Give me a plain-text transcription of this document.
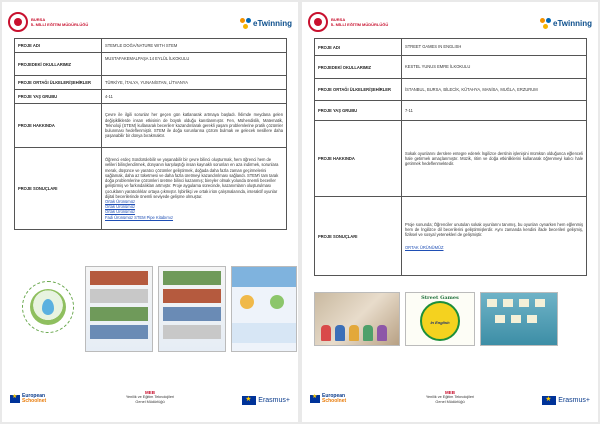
BURSA
İL MİLLİ EĞİTİM MÜDÜRLÜĞÜ	eTwinning
PROJE ADI	STEM’LE DOĞA/NATURE WITH STEM
PROJEDEKİ OKULLARIMIZ	MUSTAFAKEMALPAŞA 14 EYLÜL İLKOKULU
PROJE ORTAĞI ÜLKELER/ŞEHİRLER	TÜRKİYE, İTALYA, YUNANİSTAN, LİTVANYA
PROJE YAŞ GRUBU	4-11
PROJE HAKKINDA	Çevre ile ilgili sorunlar her geçen gün katlanarak artmaya başladı. İklimde meydana gelen değişikliklerde insan etkisinin de büyük olduğu kanıtlanmıştır. Fen, Mühendislik, Matematik, Teknoloji (STEM) kullanarak becerilerr kazandırılarak gerekli yaşam problemlerine pratik çözümler bulunması hedeflenmiştir. STEM ile doğa sorunlarına çözüm bulmak ve gelecek nesillere daha yaşanabilir bir dünya bırakmaktır.
PROJE SONUÇLARI	Öğrenci erdeç Sürdürülebilir ve yaşanabilir bir çevre bilinci oluşturmak, hem öğrenci hem de velileri bilinçlendirmek, dünyanın karşılaştığı insan kaynaklı sorunları en aza indirmek, sorunlara merak, düşünce ve yaratıcı çözümler geliştirmek, doğada daha fazla zaman geçirmelerini sağlamak, daha az tüketmesi ve daha fazla üretmeyi kazandırılması sağlandı. STEM'i tam tarak doğa problemlerine çözümleri üretme bilinci kazanmış; bireyler olmak yolunda önemli beceriler geliştirmiş ve farkındalıkları artmıştır. Proje aygulama sürecinde, kazanımların oluşturulması çocukların yaratıcılıklar ortaya çıkmıştır. İşbirlikçi ve ortak iriün çalışmalarında, interaktif oyunlar dijital becerilerinde önemli seviyede gelişme olmuştur.
Ortak Ürünümüz
Ortak Ürünümüz
Ortak Ürünümüz
Fadi Ürünümüz STEM Pipe Kitabımız
★
European
Schoolnet
MEB
Yenilik ve Eğitim Teknolojileri
Genel Müdürlüğü ★	Erasmus+
BURSA
İL MİLLİ EĞİTİM MÜDÜRLÜĞÜ	eTwinning
PROJE ADI	STREET GAMES IN ENGLISH
PROJEDEKİ OKULLARIMIZ	KESTEL YUNUS EMRE İLKOKULU
PROJE ORTAĞI ÜLKELER/ŞEHİRLER	İSTANBUL, BURSA, BİLECİK, KÜTAHYA, MANİSA, MUĞLA, ERZURUM
PROJE YAŞ GRUBU	7-11
PROJE HAKKINDA	Sokak oyunlarını derslere entegre ederek İngilizce derslnin işlenişini mümkün olduğunca eğlenceli hale getirmek amaçlanmıştır. Müzik, ritim ve doğa etkinliklerini kullanarak öğrenmeyi kalıcı hale getirmek hedeflenmektedir.
PROJE SONUÇLARI	Proje sonunda; Öğrenciler unutulan sokak oyunlarını tanımış, bu oyunları oynarken hem eğlenmiş hem de İngilizce dil becerilerini geliştirmişlerdir. Aynı zamanda kendini ifade becerileri gelişmiş, fiziksel ve sosyal yetenekleri de gelişmiştir.
ORTAK ÜRÜNÜMÜZ
Street Games
In English
★
European
Schoolnet
MEB
Yenilik ve Eğitim Teknolojileri
Genel Müdürlüğü ★	Erasmus+
